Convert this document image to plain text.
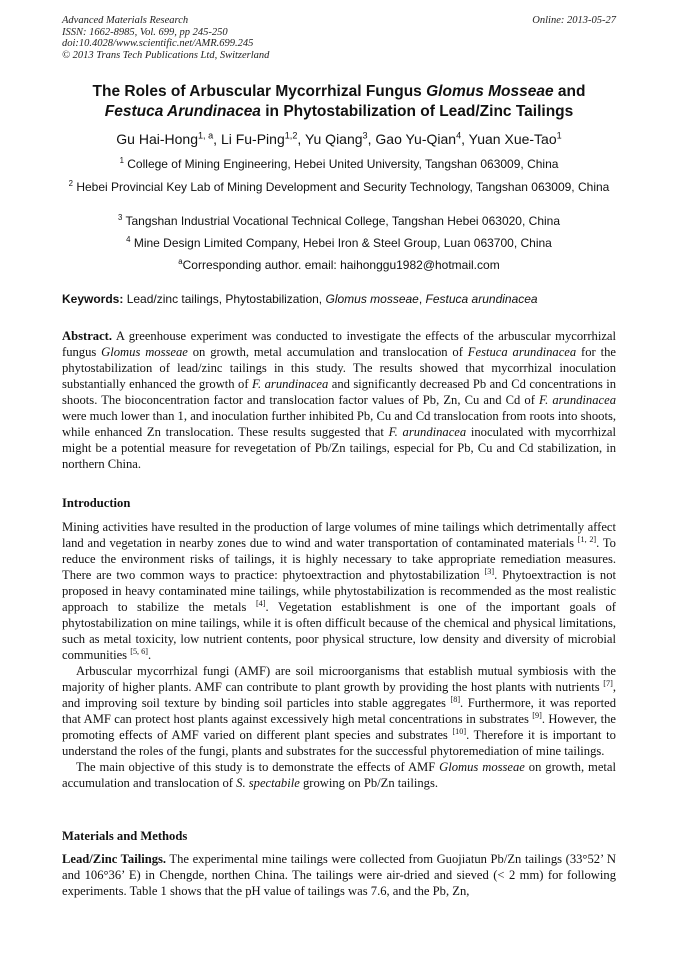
Advanced Materials Research
ISSN: 1662-8985, Vol. 699, pp 245-250
doi:10.4028/www.scientific.net/AMR.699.245
© 2013 Trans Tech Publications Ltd, Switzerland
Online: 2013-05-27
The Roles of Arbuscular Mycorrhizal Fungus Glomus Mosseae and
Festuca Arundinacea in Phytostabilization of Lead/Zinc Tailings
Gu Hai-Hong$^{1, a}$, Li Fu-Ping$^{1,2}$, Yu Qiang$^3$, Gao Yu-Qian$^4$, Yuan Xue-Tao$^1$
$^1$ College of Mining Engineering, Hebei United University, Tangshan 063009, China
$^2$ Hebei Provincial Key Lab of Mining Development and Security Technology, Tangshan 063009, China
$^3$ Tangshan Industrial Vocational Technical College, Tangshan Hebei 063020, China
$^4$ Mine Design Limited Company, Hebei Iron & Steel Group, Luan 063700, China
$^a$Corresponding author. email: haihonggu1982@hotmail.com
Keywords: Lead/zinc tailings, Phytostabilization, Glomus mosseae, Festuca arundinacea
Abstract. A greenhouse experiment was conducted to investigate the effects of the arbuscular mycorrhizal fungus Glomus mosseae on growth, metal accumulation and translocation of Festuca arundinacea for the phytostabilization of lead/zinc tailings in this study. The results showed that mycorrhizal inoculation substantially enhanced the growth of F. arundinacea and significantly decreased Pb and Cd concentrations in shoots. The bioconcentration factor and translocation factor values of Pb, Zn, Cu and Cd of F. arundinacea were much lower than 1, and inoculation further inhibited Pb, Cu and Cd translocation from roots into shoots, while enhanced Zn translocation. These results suggested that F. arundinacea inoculated with mycorrhizal might be a potential measure for revegetation of Pb/Zn tailings, especial for Pb, Cu and Cd stabilization, in northern China.
Introduction

Mining activities have resulted in the production of large volumes of mine tailings which detrimentally affect land and vegetation in nearby zones due to wind and water transportation of contaminated materials [1, 2]. To reduce the environment risks of tailings, it is highly necessary to take appropriate remediation measures. There are two common ways to practice: phytoextraction and phytostabilization [3]. Phytoextraction is not proposed in heavy contaminated mine tailings, while phytostabilization is recommended as the most realistic approach to stabilize the metals [4]. Vegetation establishment is one of the important goals of phytostabilization on mine tailings, while it is often difficult because of the chemical and physical limitations, such as metal toxicity, low nutrient contents, poor physical structure, low density and diversity of microbial communities [5, 6].

Arbuscular mycorrhizal fungi (AMF) are soil microorganisms that establish mutual symbiosis with the majority of higher plants. AMF can contribute to plant growth by providing the host plants with nutrients [7], and improving soil texture by binding soil particles into stable aggregates [8]. Furthermore, it was reported that AMF can protect host plants against excessively high metal concentrations in substrates [9]. However, the promoting effects of AMF varied on different plant species and substrates [10]. Therefore it is important to understand the roles of the fungi, plants and substrates for the successful phytoremediation of mine tailings.

The main objective of this study is to demonstrate the effects of AMF Glomus mosseae on growth, metal accumulation and translocation of S. spectabile growing on Pb/Zn tailings.

Materials and Methods

Lead/Zinc Tailings. The experimental mine tailings were collected from Guojiatun Pb/Zn tailings (33°52’ N and 106°36’ E) in Chengde, northen China. The tailings were air-dried and sieved (< 2 mm) for following experiments. Table 1 shows that the pH value of tailings was 7.6, and the Pb, Zn,
